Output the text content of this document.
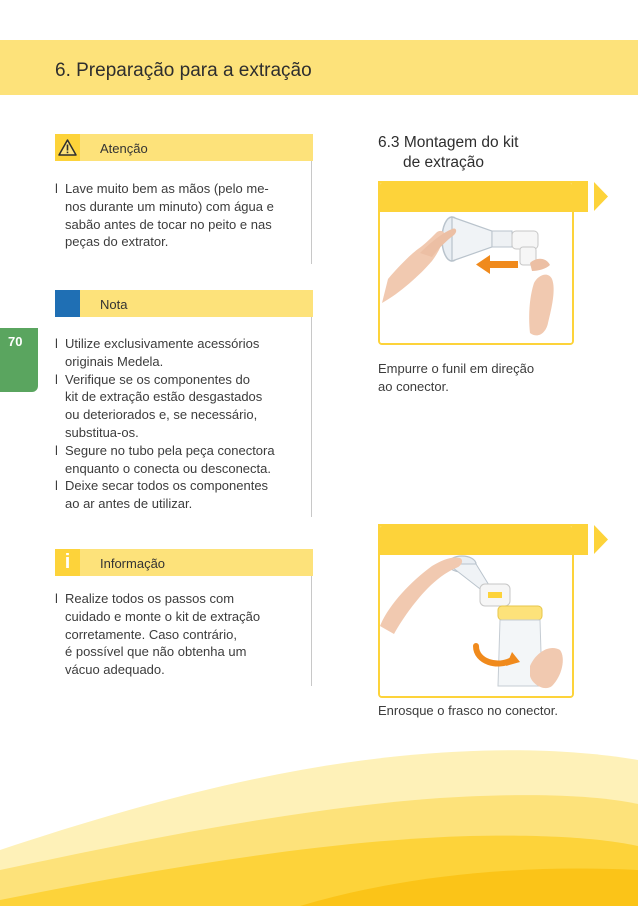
6. Preparação para a extração
70
Atenção
l Lave muito bem as mãos (pelo me-
nos durante um minuto) com água e
sabão antes de tocar no peito e nas
peças do extrator.
Nota
l Utilize exclusivamente acessórios
originais Medela.
l Verifique se os componentes do
kit de extração estão desgastados
ou deteriorados e, se necessário,
substitua-os.
l Segure no tubo pela peça conectora
enquanto o conecta ou desconecta.
l Deixe secar todos os componentes
ao ar antes de utilizar.
i	Informação
l Realize todos os passos com
cuidado e monte o kit de extração
corretamente. Caso contrário,
é possível que não obtenha um
vácuo adequado.
6.3 Montagem do kit
de extração
Empurre o funil em direção
ao conector.
Enrosque o frasco no conector.
